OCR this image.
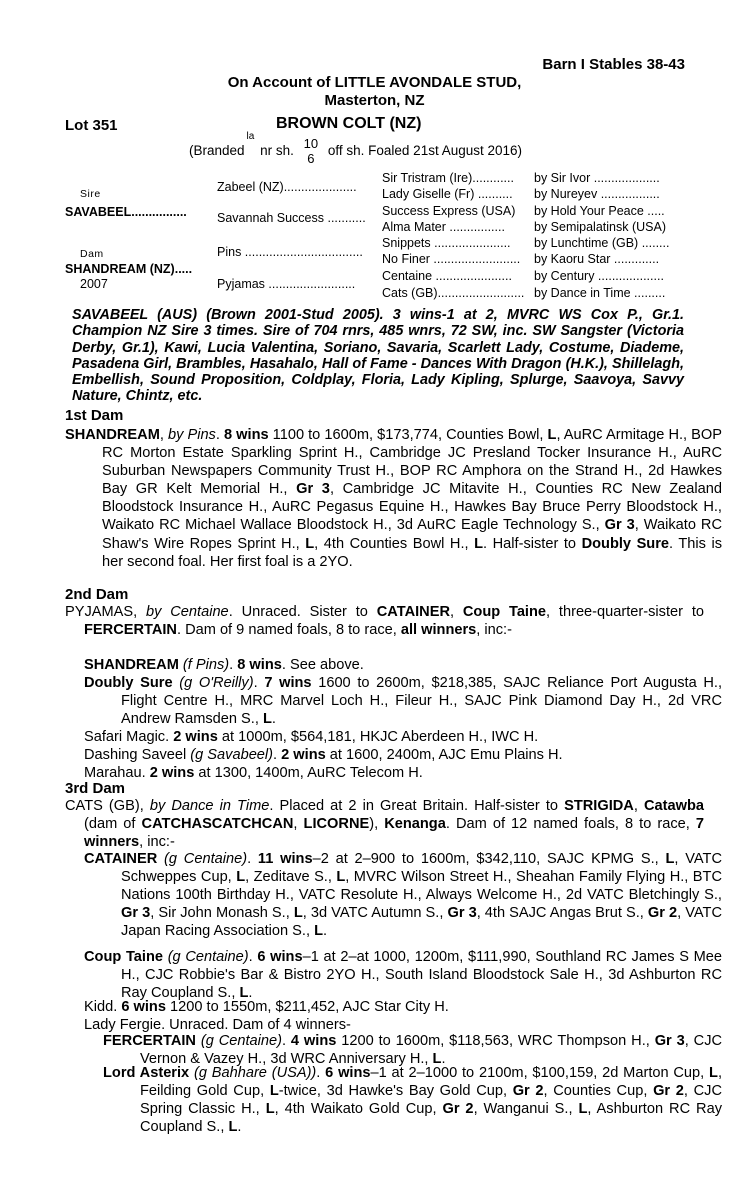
Barn I Stables 38-43
On Account of LITTLE AVONDALE STUD,
Masterton, NZ
Lot 351	BROWN COLT (NZ)
(Brandedla nr sh. 10
6
off sh. Foaled 21st August 2016)
Sire
SAVABEEL................
Dam
SHANDREAM (NZ).....
2007
Zabeel (NZ).....................
Savannah Success ...........
Pins ..................................
Pyjamas .........................
Sir Tristram (Ire)............
Lady Giselle (Fr) ..........
Success Express (USA)
Alma Mater ................
Snippets ......................
No Finer .........................
Centaine ......................
Cats (GB).........................
by Sir Ivor ...................
by Nureyev .................
by Hold Your Peace .....
by Semipalatinsk (USA)
by Lunchtime (GB) ........
by Kaoru Star .............
by Century ...................
by Dance in Time .........
SAVABEEL (AUS) (Brown 2001-Stud 2005). 3 wins-1 at 2, MVRC WS Cox P., Gr.1. Champion NZ Sire 3 times. Sire of 704 rnrs, 485 wnrs, 72 SW, inc. SW Sangster (Victoria Derby, Gr.1), Kawi, Lucia Valentina, Soriano, Savaria, Scarlett Lady, Costume, Diademe, Pasadena Girl, Brambles, Hasahalo, Hall of Fame - Dances With Dragon (H.K.), Shillelagh, Embellish, Sound Proposition, Coldplay, Floria, Lady Kipling, Splurge, Saavoya, Savvy Nature, Chintz, etc.
1st Dam
SHANDREAM, by Pins. 8 wins 1100 to 1600m, $173,774, Counties Bowl, L, AuRC Armitage H., BOP RC Morton Estate Sparkling Sprint H., Cambridge JC Presland Tocker Insurance H., AuRC Suburban Newspapers Community Trust H., BOP RC Amphora on the Strand H., 2d Hawkes Bay GR Kelt Memorial H., Gr 3, Cambridge JC Mitavite H., Counties RC New Zealand Bloodstock Insurance H., AuRC Pegasus Equine H., Hawkes Bay Bruce Perry Bloodstock H., Waikato RC Michael Wallace Bloodstock H., 3d AuRC Eagle Technology S., Gr 3, Waikato RC Shaw's Wire Ropes Sprint H., L, 4th Counties Bowl H., L. Half-sister to Doubly Sure. This is her second foal. Her first foal is a 2YO.
2nd Dam
PYJAMAS, by Centaine. Unraced. Sister to CATAINER, Coup Taine, three-quarter-sister to FERCERTAIN. Dam of 9 named foals, 8 to race, all winners, inc:-
SHANDREAM (f Pins). 8 wins. See above.
Doubly Sure (g O'Reilly). 7 wins 1600 to 2600m, $218,385, SAJC Reliance Port Augusta H., Flight Centre H., MRC Marvel Loch H., Fileur H., SAJC Pink Diamond Day H., 2d VRC Andrew Ramsden S., L.
Safari Magic. 2 wins at 1000m, $564,181, HKJC Aberdeen H., IWC H.
Dashing Saveel (g Savabeel). 2 wins at 1600, 2400m, AJC Emu Plains H.
Marahau. 2 wins at 1300, 1400m, AuRC Telecom H.
3rd Dam
CATS (GB), by Dance in Time. Placed at 2 in Great Britain. Half-sister to STRIGIDA, Catawba (dam of CATCHASCATCHCAN, LICORNE), Kenanga. Dam of 12 named foals, 8 to race, 7 winners, inc:-
CATAINER (g Centaine). 11 wins–2 at 2–900 to 1600m, $342,110, SAJC KPMG S., L, VATC Schweppes Cup, L, Zeditave S., L, MVRC Wilson Street H., Sheahan Family Flying H., BTC Nations 100th Birthday H., VATC Resolute H., Always Welcome H., 2d VATC Bletchingly S., Gr 3, Sir John Monash S., L, 3d VATC Autumn S., Gr 3, 4th SAJC Angas Brut S., Gr 2, VATC Japan Racing Association S., L.
Coup Taine (g Centaine). 6 wins–1 at 2–at 1000, 1200m, $111,990, Southland RC James S Mee H., CJC Robbie's Bar & Bistro 2YO H., South Island Bloodstock Sale H., 3d Ashburton RC Ray Coupland S., L.
Kidd. 6 wins 1200 to 1550m, $211,452, AJC Star City H.
Lady Fergie. Unraced. Dam of 4 winners-
FERCERTAIN (g Centaine). 4 wins 1200 to 1600m, $118,563, WRC Thompson H., Gr 3, CJC Vernon & Vazey H., 3d WRC Anniversary H., L.
Lord Asterix (g Bahhare (USA)). 6 wins–1 at 2–1000 to 2100m, $100,159, 2d Marton Cup, L, Feilding Gold Cup, L-twice, 3d Hawke's Bay Gold Cup, Gr 2, Counties Cup, Gr 2, CJC Spring Classic H., L, 4th Waikato Gold Cup, Gr 2, Wanganui S., L, Ashburton RC Ray Coupland S., L.
